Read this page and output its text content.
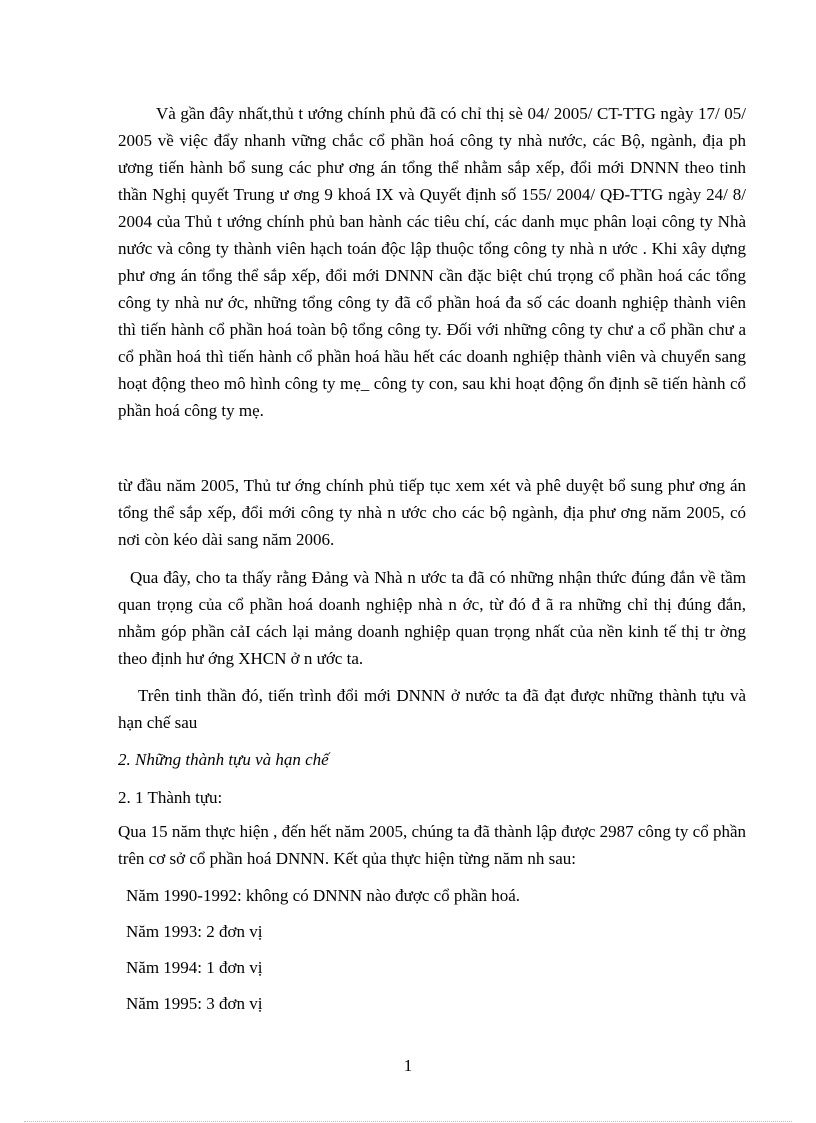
Và gần đây nhất,thủ t ướng chính phủ đã có chỉ thị sè 04/ 2005/ CT-TTG ngày 17/ 05/ 2005 về việc đẩy nhanh vững chắc cổ phần hoá công ty nhà nước, các Bộ, ngành, địa ph ương tiến hành bổ sung các phư ơng án tổng thể nhằm sắp xếp, đổi mới DNNN theo tinh thần Nghị quyết Trung ư ơng 9 khoá IX và Quyết định số 155/ 2004/ QĐ-TTG ngày 24/ 8/ 2004 của Thủ t ướng chính phủ ban hành các tiêu chí, các danh mục phân loại công ty Nhà nước và công ty thành viên hạch toán độc lập thuộc tổng công ty nhà n ước . Khi xây dựng phư ơng án tổng thể sắp xếp, đổi mới DNNN cần đặc biệt chú trọng cổ phần hoá các tổng công ty nhà nư ớc, những tổng công ty đã cổ phần hoá đa số các doanh nghiệp thành viên thì tiến hành cổ phần hoá toàn bộ tổng công ty. Đối với những công ty chư a cổ phần chư a cổ phần hoá thì tiến hành cổ phần hoá hầu hết các doanh nghiệp thành viên và chuyển sang hoạt động theo mô hình công ty mẹ_ công ty con, sau khi hoạt động ổn định sẽ tiến hành cổ phần hoá công ty mẹ.

từ đầu năm 2005, Thủ tư ớng chính phủ tiếp tục xem xét và phê duyệt bổ sung phư ơng án tổng thể sắp xếp, đổi mới công ty nhà n ước cho các bộ ngành, địa phư ơng năm 2005, có nơi còn kéo dài sang năm 2006.

Qua đây, cho ta thấy rằng Đảng và Nhà n ước ta đã có những nhận thức đúng đắn về tầm quan trọng của cổ phần hoá doanh nghiệp nhà n ớc, từ đó đ ã ra những chỉ thị đúng đắn, nhằm góp phần cảI cách lại mảng doanh nghiệp quan trọng nhất của nền kinh tế thị tr ờng theo định hư ớng XHCN ở n ước ta.

Trên tinh thần đó, tiến trình đổi mới DNNN ở nước ta đã đạt được những thành tựu và hạn chế sau

2. Những thành tựu và hạn chế

2. 1 Thành tựu:

Qua 15 năm thực hiện , đến hết năm 2005, chúng ta đã thành lập được 2987 công ty cổ phần trên cơ sở cổ phần hoá DNNN. Kết qủa thực hiện từng năm nh sau:

Năm 1990-1992: không có DNNN nào được cổ phần hoá.

Năm 1993: 2 đơn vị

Năm 1994: 1 đơn vị

Năm 1995: 3 đơn vị

1
